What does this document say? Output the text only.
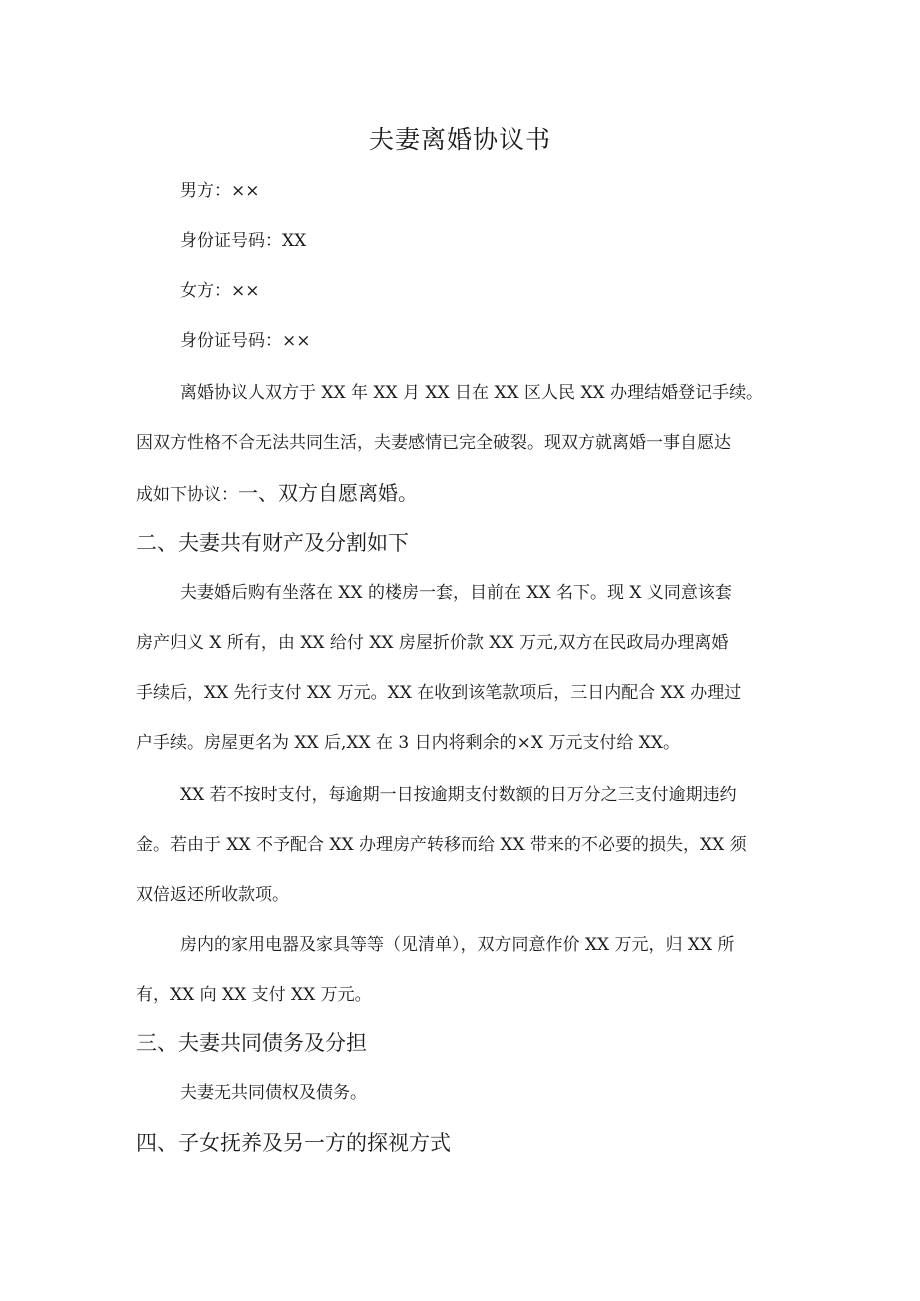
夫妻离婚协议书
男方：××
身份证号码：XX
女方：××
身份证号码：××
离婚协议人双方于 XX 年 XX 月 XX 日在 XX 区人民 XX 办理结婚登记手续。
因双方性格不合无法共同生活，夫妻感情已完全破裂。现双方就离婚一事自愿达
成如下协议：一、双方自愿离婚。
二、夫妻共有财产及分割如下
夫妻婚后购有坐落在 XX 的楼房一套，目前在 XX 名下。现 X 义同意该套
房产归义 X 所有，由 XX 给付 XX 房屋折价款 XX 万元,双方在民政局办理离婚
手续后，XX 先行支付 XX 万元。XX 在收到该笔款项后，三日内配合 XX 办理过
户手续。房屋更名为 XX 后,XX 在 3 日内将剩余的×X 万元支付给 XX。
XX 若不按时支付，每逾期一日按逾期支付数额的日万分之三支付逾期违约
金。若由于 XX 不予配合 XX 办理房产转移而给 XX 带来的不必要的损失，XX 须
双倍返还所收款项。
房内的家用电器及家具等等（见清单），双方同意作价 XX 万元，归 XX 所
有，XX 向 XX 支付 XX 万元。
三、夫妻共同债务及分担
夫妻无共同债权及债务。
四、子女抚养及另一方的探视方式
